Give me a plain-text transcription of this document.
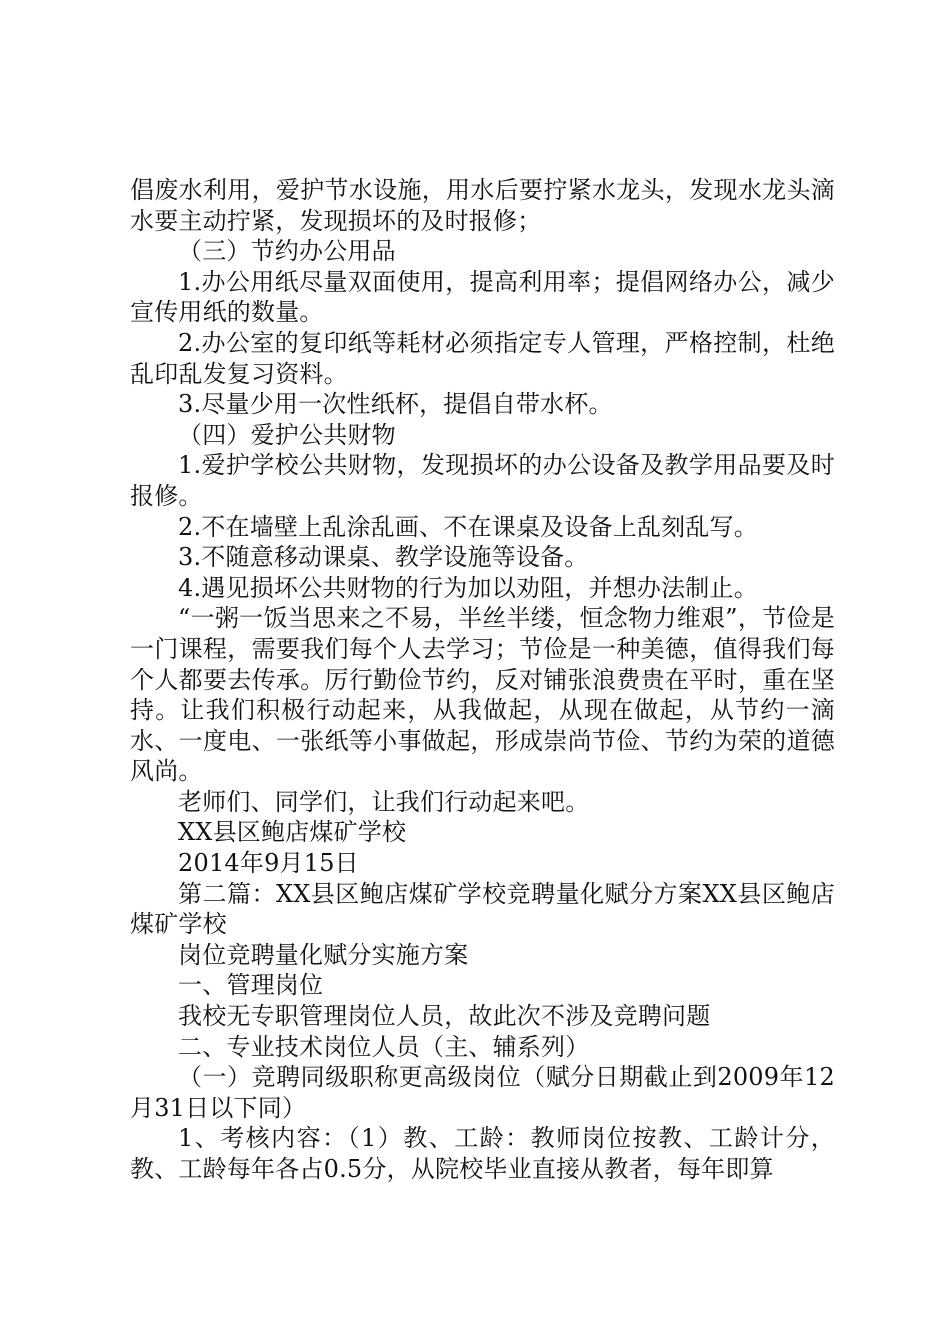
倡废水利用，爱护节水设施，用水后要拧紧水龙头，发现水龙头滴水要主动拧紧，发现损坏的及时报修；

（三）节约办公用品

1.办公用纸尽量双面使用，提高利用率；提倡网络办公，减少宣传用纸的数量。

2.办公室的复印纸等耗材必须指定专人管理，严格控制，杜绝乱印乱发复习资料。

3.尽量少用一次性纸杯，提倡自带水杯。

（四）爱护公共财物

1.爱护学校公共财物，发现损坏的办公设备及教学用品要及时报修。

2.不在墙壁上乱涂乱画、不在课桌及设备上乱刻乱写。

3.不随意移动课桌、教学设施等设备。

4.遇见损坏公共财物的行为加以劝阻，并想办法制止。

“一粥一饭当思来之不易，半丝半缕，恒念物力维艰”，节俭是一门课程，需要我们每个人去学习；节俭是一种美德，值得我们每个人都要去传承。厉行勤俭节约，反对铺张浪费贵在平时，重在坚持。让我们积极行动起来，从我做起，从现在做起，从节约一滴水、一度电、一张纸等小事做起，形成崇尚节俭、节约为荣的道德风尚。

老师们、同学们，让我们行动起来吧。

XX县区鲍店煤矿学校

2014年9月15日

第二篇：XX县区鲍店煤矿学校竞聘量化赋分方案XX县区鲍店煤矿学校

岗位竞聘量化赋分实施方案

一、管理岗位

我校无专职管理岗位人员，故此次不涉及竞聘问题

二、专业技术岗位人员（主、辅系列）

（一）竞聘同级职称更高级岗位（赋分日期截止到2009年12月31日以下同）

1、考核内容：（1）教、工龄：教师岗位按教、工龄计分，教、工龄每年各占0.5分，从院校毕业直接从教者，每年即算
